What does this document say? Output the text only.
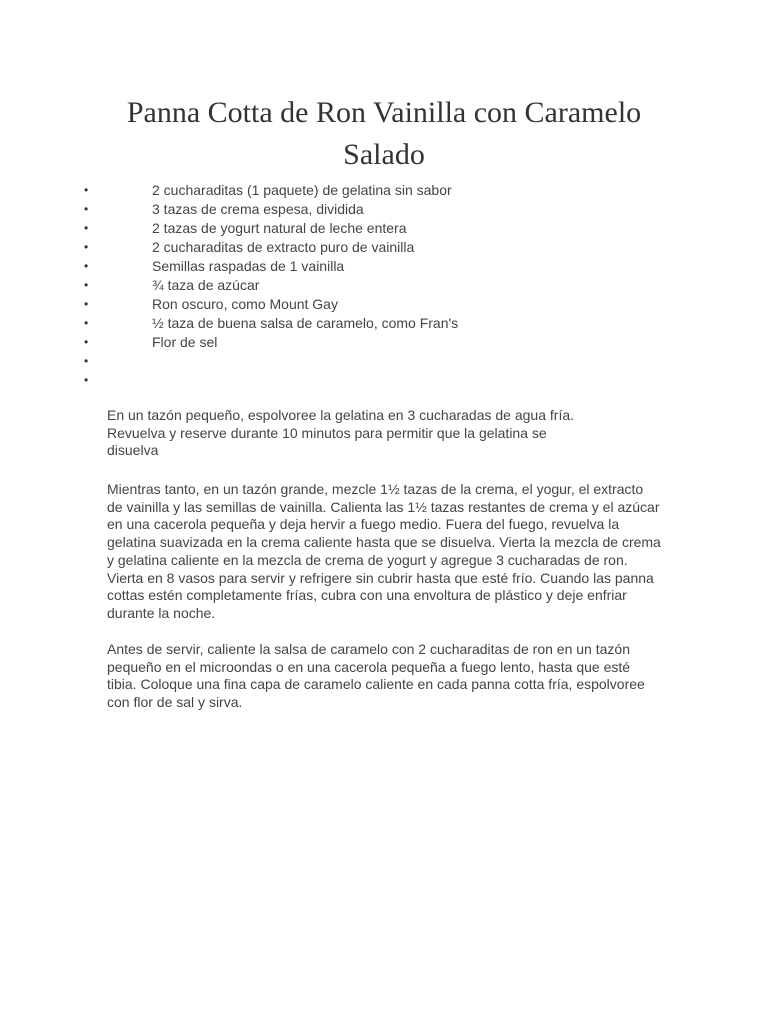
Panna Cotta de Ron Vainilla con Caramelo Salado
•	2 cucharaditas (1 paquete) de gelatina sin sabor
•	3 tazas de crema espesa, dividida
•	2 tazas de yogurt natural de leche entera
•	2 cucharaditas de extracto puro de vainilla
•	Semillas raspadas de 1 vainilla
•	¾ taza de azúcar
•	Ron oscuro, como Mount Gay
•	½ taza de buena salsa de caramelo, como Fran's
•	Flor de sel
•
•

En un tazón pequeño, espolvoree la gelatina en 3 cucharadas de agua fría. Revuelva y reserve durante 10 minutos para permitir que la gelatina se disuelva

Mientras tanto, en un tazón grande, mezcle 1½ tazas de la crema, el yogur, el extracto de vainilla y las semillas de vainilla. Calienta las 1½ tazas restantes de crema y el azúcar en una cacerola pequeña y deja hervir a fuego medio. Fuera del fuego, revuelva la gelatina suavizada en la crema caliente hasta que se disuelva. Vierta la mezcla de crema y gelatina caliente en la mezcla de crema de yogurt y agregue 3 cucharadas de ron. Vierta en 8 vasos para servir y refrigere sin cubrir hasta que esté frío. Cuando las panna cottas estén completamente frías, cubra con una envoltura de plástico y deje enfriar durante la noche.

Antes de servir, caliente la salsa de caramelo con 2 cucharaditas de ron en un tazón pequeño en el microondas o en una cacerola pequeña a fuego lento, hasta que esté tibia. Coloque una fina capa de caramelo caliente en cada panna cotta fría, espolvoree con flor de sal y sirva.
